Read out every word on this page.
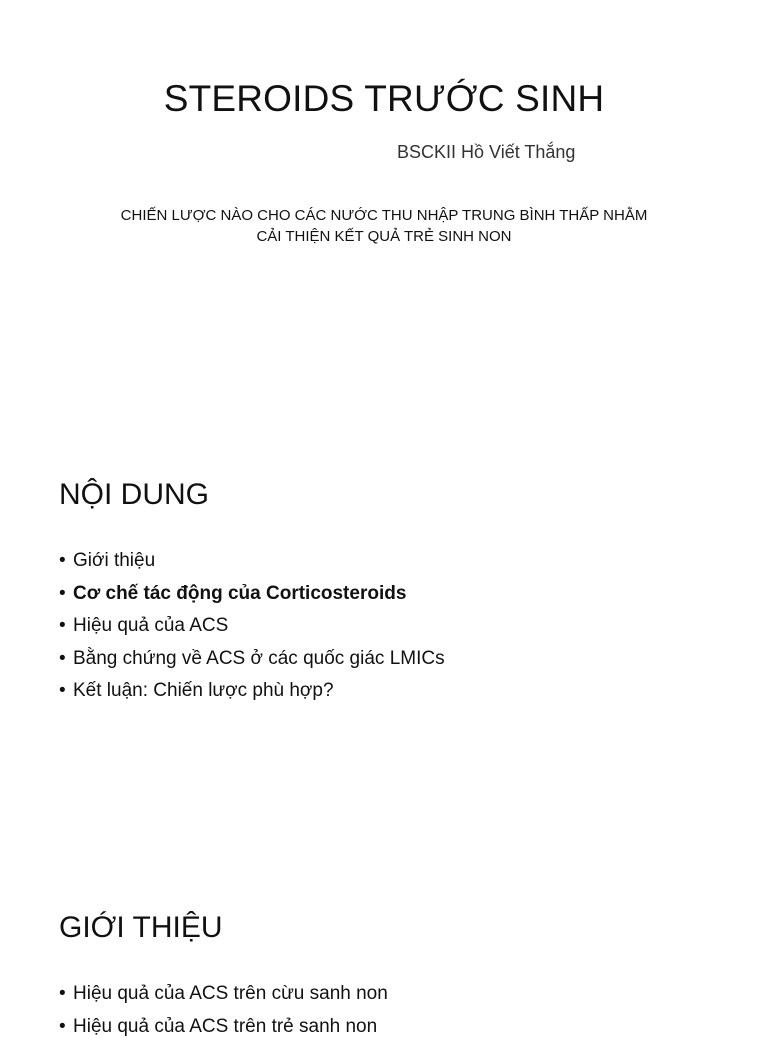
STEROIDS TRƯỚC SINH
BSCKII Hồ Viết Thắng
CHIẾN LƯỢC NÀO CHO CÁC NƯỚC THU NHẬP TRUNG BÌNH THẤP NHẰM
CẢI THIỆN KẾT QUẢ TRẺ SINH NON
NỘI DUNG
• Giới thiệu
• Cơ chế tác động của Corticosteroids
• Hiệu quả của ACS
• Bằng chứng về ACS ở các quốc giác LMICs
• Kết luận: Chiến lược phù hợp?
GIỚI THIỆU
• Hiệu quả của ACS trên cừu sanh non
• Hiệu quả của ACS trên trẻ sanh non
